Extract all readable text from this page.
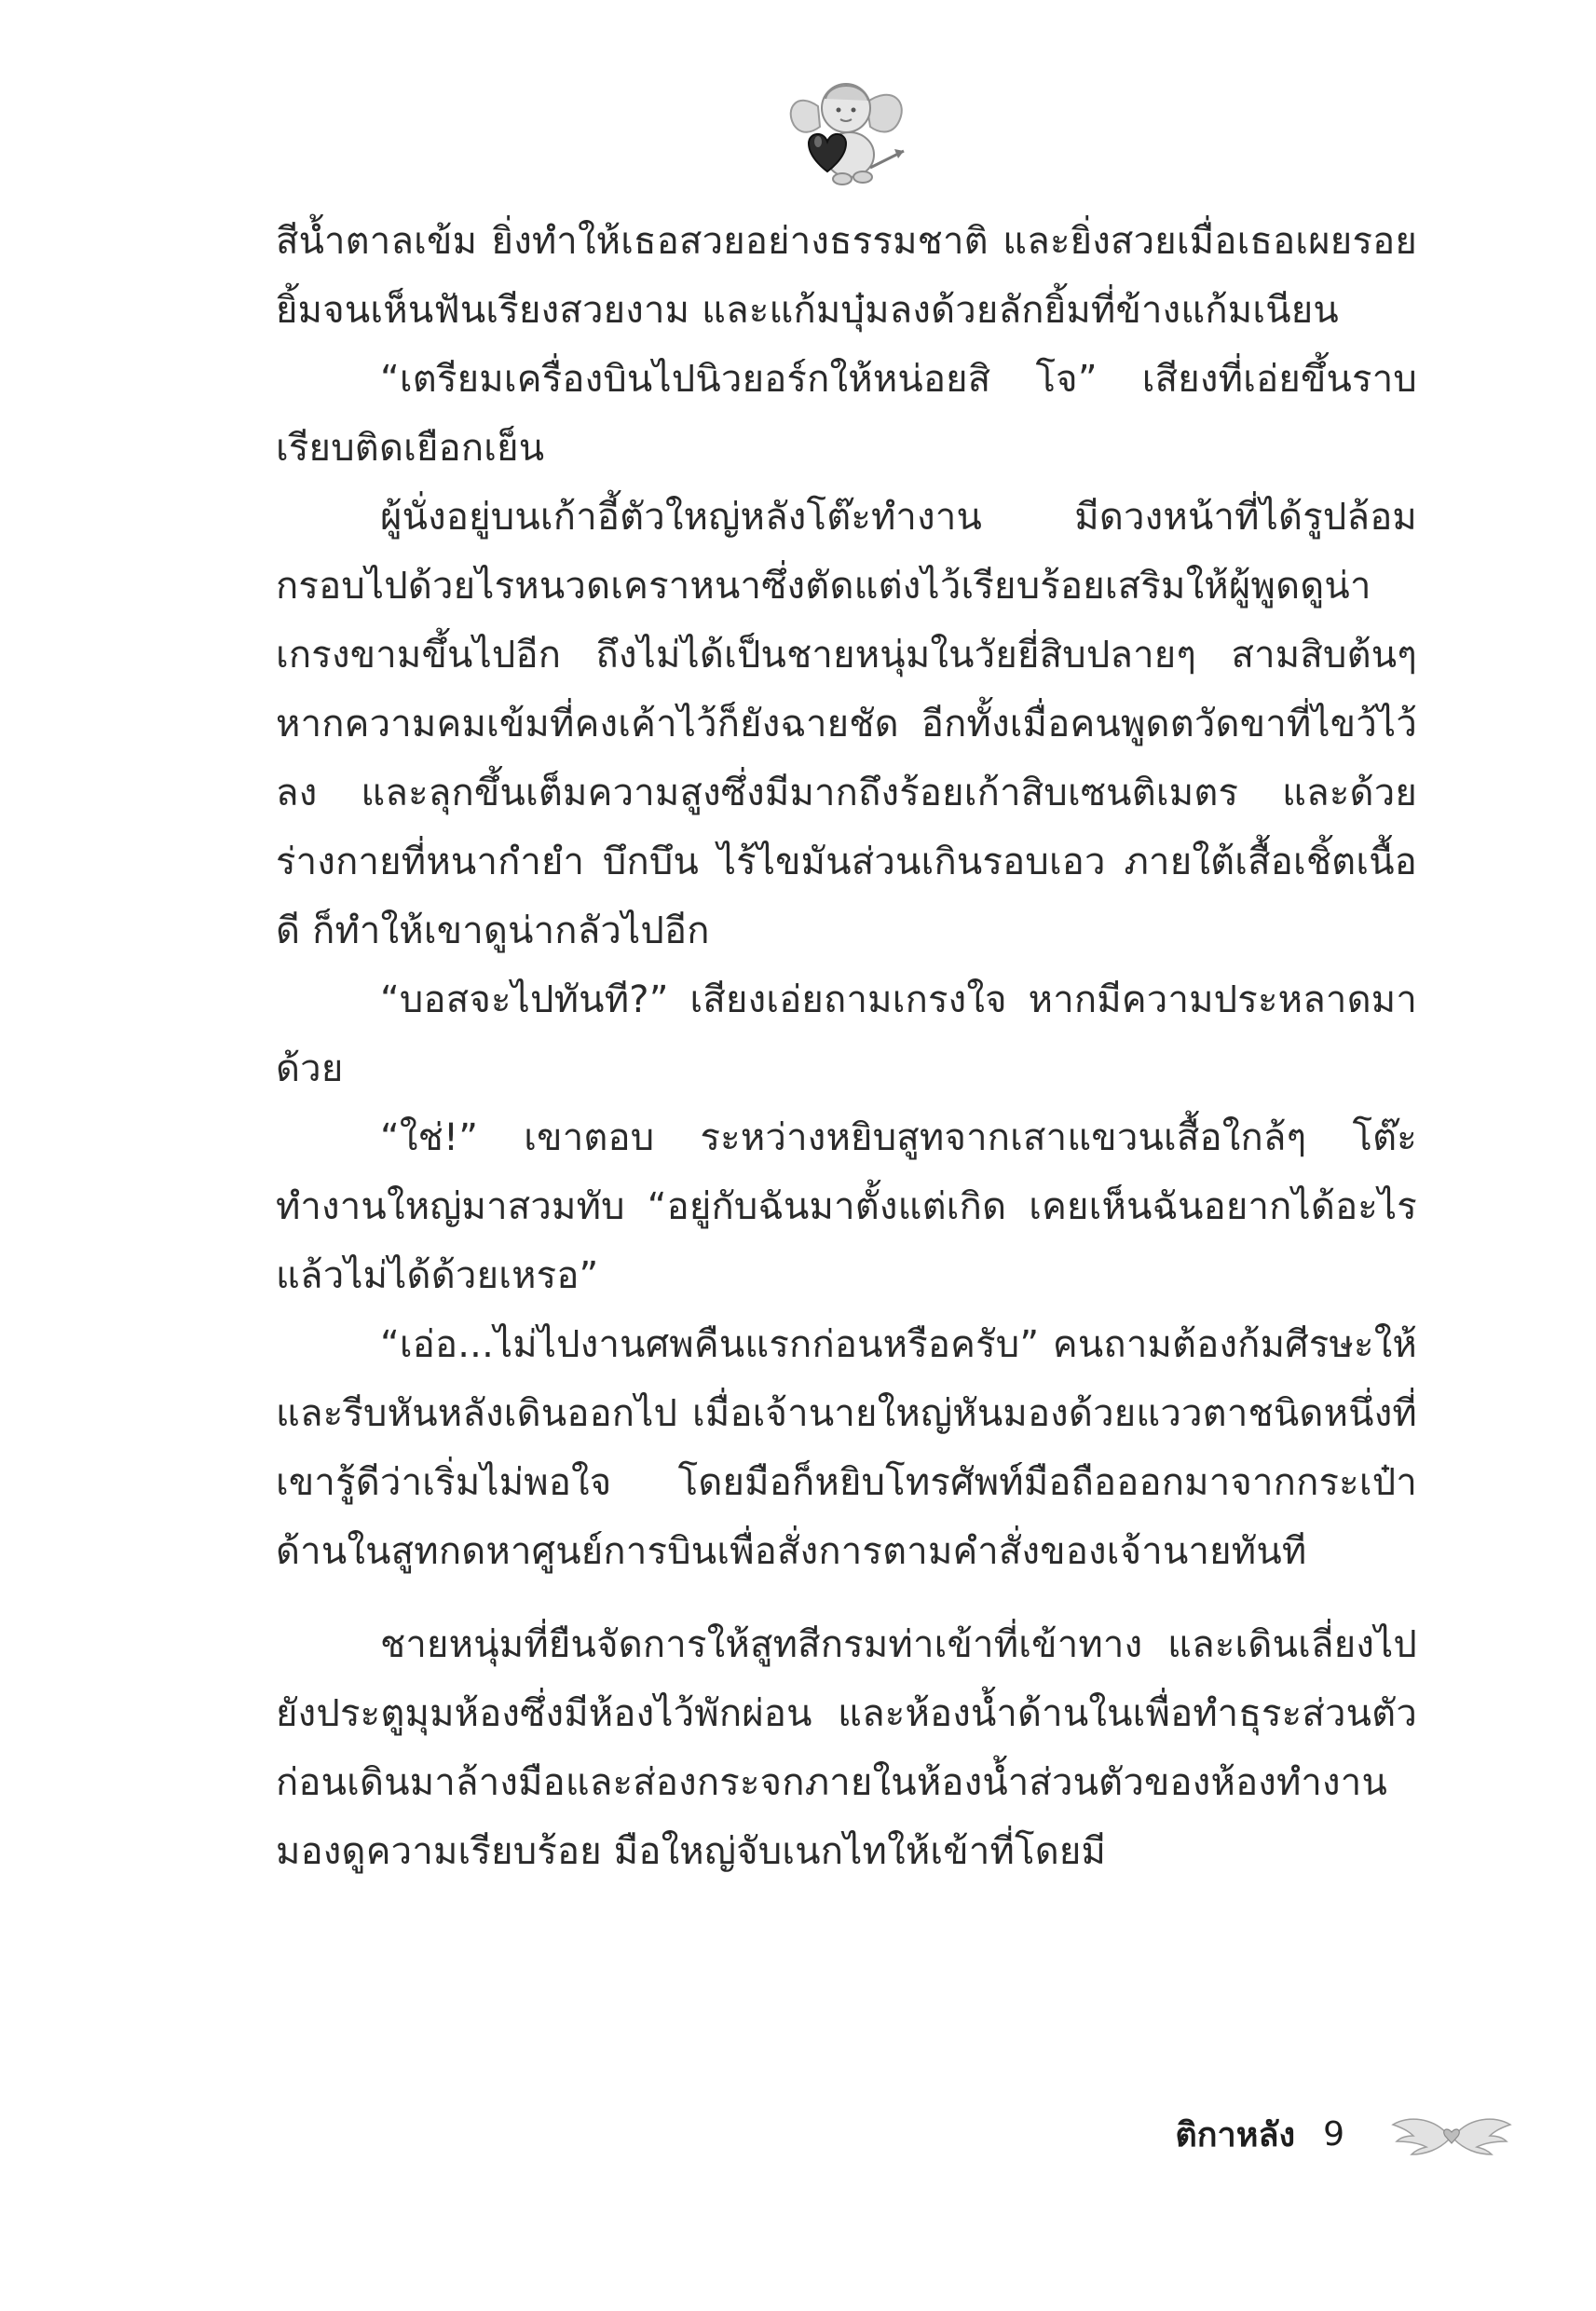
สีน้ำตาลเข้ม ยิ่งทำให้เธอสวยอย่างธรรมชาติ และยิ่งสวยเมื่อเธอเผยรอยยิ้มจนเห็นฟันเรียงสวยงาม และแก้มบุ๋มลงด้วยลักยิ้มที่ข้างแก้มเนียน

“เตรียมเครื่องบินไปนิวยอร์กให้หน่อยสิ โจ” เสียงที่เอ่ยขึ้นราบเรียบติดเยือกเย็น

ผู้นั่งอยู่บนเก้าอี้ตัวใหญ่หลังโต๊ะทำงาน มีดวงหน้าที่ได้รูปล้อมกรอบไปด้วยไรหนวดเคราหนาซึ่งตัดแต่งไว้เรียบร้อยเสริมให้ผู้พูดดูน่าเกรงขามขึ้นไปอีก ถึงไม่ได้เป็นชายหนุ่มในวัยยี่สิบปลายๆ สามสิบต้นๆ หากความคมเข้มที่คงเค้าไว้ก็ยังฉายชัด อีกทั้งเมื่อคนพูดตวัดขาที่ไขว้ไว้ลง และลุกขึ้นเต็มความสูงซึ่งมีมากถึงร้อยเก้าสิบเซนติเมตร และด้วยร่างกายที่หนากำยำ บึกบึน ไร้ไขมันส่วนเกินรอบเอว ภายใต้เสื้อเชิ้ตเนื้อดี ก็ทำให้เขาดูน่ากลัวไปอีก

“บอสจะไปทันที?” เสียงเอ่ยถามเกรงใจ หากมีความประหลาดมาด้วย

“ใช่!” เขาตอบ ระหว่างหยิบสูทจากเสาแขวนเสื้อใกล้ๆ โต๊ะทำงานใหญ่มาสวมทับ “อยู่กับฉันมาตั้งแต่เกิด เคยเห็นฉันอยากได้อะไรแล้วไม่ได้ด้วยเหรอ”

“เอ่อ...ไม่ไปงานศพคืนแรกก่อนหรือครับ” คนถามต้องก้มศีรษะให้ และรีบหันหลังเดินออกไป เมื่อเจ้านายใหญ่หันมองด้วยแววตาชนิดหนึ่งที่เขารู้ดีว่าเริ่มไม่พอใจ โดยมือก็หยิบโทรศัพท์มือถือออกมาจากกระเป๋าด้านในสูทกดหาศูนย์การบินเพื่อสั่งการตามคำสั่งของเจ้านายทันที

ชายหนุ่มที่ยืนจัดการให้สูทสีกรมท่าเข้าที่เข้าทาง และเดินเลี่ยงไปยังประตูมุมห้องซึ่งมีห้องไว้พักผ่อน และห้องน้ำด้านในเพื่อทำธุระส่วนตัว ก่อนเดินมาล้างมือและส่องกระจกภายในห้องน้ำส่วนตัวของห้องทำงาน มองดูความเรียบร้อย มือใหญ่จับเนกไทให้เข้าที่โดยมี

ติกาหลัง 9
